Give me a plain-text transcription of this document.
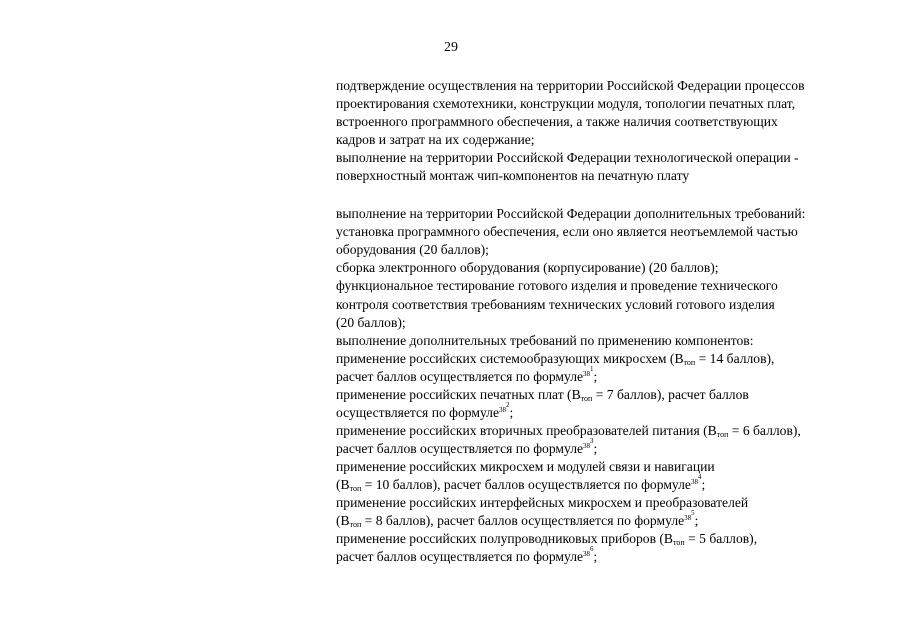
29
подтверждение осуществления на территории Российской Федерации процессов
проектирования схемотехники, конструкции модуля, топологии печатных плат,
встроенного программного обеспечения, а также наличия соответствующих
кадров и затрат на их содержание;
выполнение на территории Российской Федерации технологической операции -
поверхностный монтаж чип-компонентов на печатную плату
выполнение на территории Российской Федерации дополнительных требований:
установка программного обеспечения, если оно является неотъемлемой частью
оборудования (20 баллов);
сборка электронного оборудования (корпусирование) (20 баллов);
функциональное тестирование готового изделия и проведение технического
контроля соответствия требованиям технических условий готового изделия
(20 баллов);
выполнение дополнительных требований по применению компонентов:
применение российских системообразующих микросхем ($В_{топ} = 14$ баллов),
расчет баллов осуществляется по формуле$^{38^1}$;
применение российских печатных плат ($В_{топ} = 7$ баллов), расчет баллов
осуществляется по формуле$^{38^2}$;
применение российских вторичных преобразователей питания ($В_{топ} = 6$ баллов),
расчет баллов осуществляется по формуле$^{38^3}$;
применение российских микросхем и модулей связи и навигации
($В_{топ} = 10$ баллов), расчет баллов осуществляется по формуле$^{38^4}$;
применение российских интерфейсных микросхем и преобразователей
($В_{топ} = 8$ баллов), расчет баллов осуществляется по формуле$^{38^5}$;
применение российских полупроводниковых приборов ($В_{топ} = 5$ баллов),
расчет баллов осуществляется по формуле$^{38^6}$;
